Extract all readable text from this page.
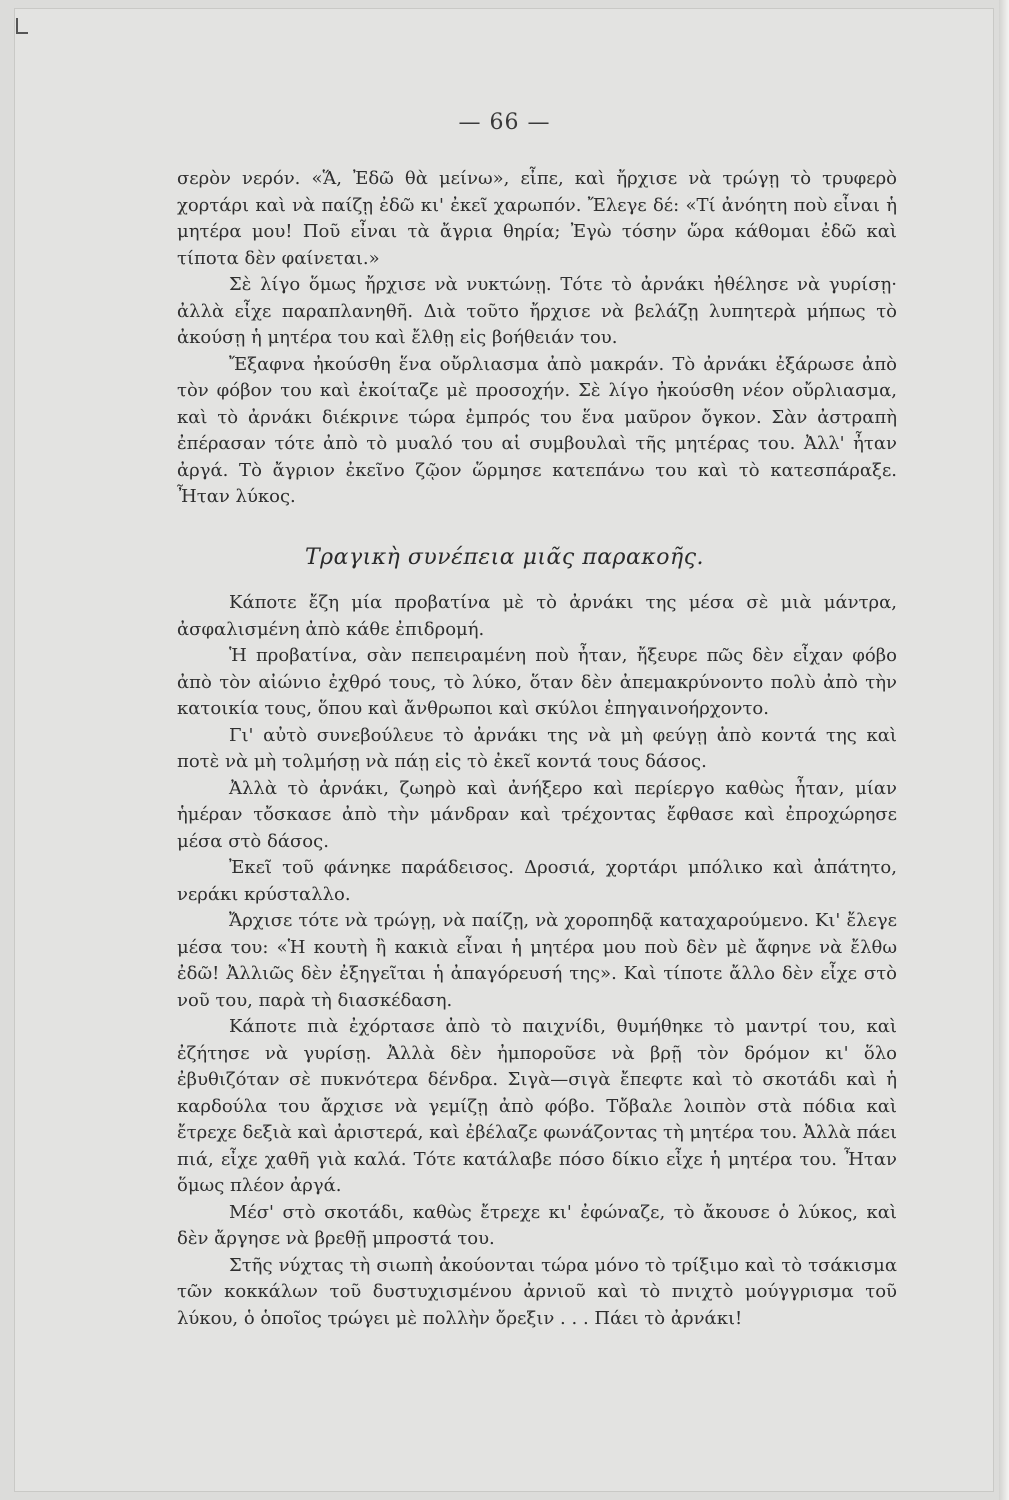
— 66 —

σερὸν νερόν. «Ἅ, Ἐδῶ θὰ μείνω», εἶπε, καὶ ἤρχισε νὰ τρώγῃ τὸ τρυφερὸ χορτάρι καὶ νὰ παίζῃ ἐδῶ κι' ἐκεῖ χαρωπόν. Ἔλεγε δέ: «Τί ἀνόητη ποὺ εἶναι ἡ μητέρα μου! Ποῦ εἶναι τὰ ἄγρια θηρία; Ἐγὼ τόσην ὥρα κάθομαι ἐδῶ καὶ τίποτα δὲν φαίνεται.»

Σὲ λίγο ὅμως ἤρχισε νὰ νυκτώνῃ. Τότε τὸ ἀρνάκι ἠθέλησε νὰ γυρίσῃ· ἀλλὰ εἶχε παραπλανηθῆ. Διὰ τοῦτο ἤρχισε νὰ βελάζῃ λυπητερὰ μήπως τὸ ἀκούσῃ ἡ μητέρα του καὶ ἔλθῃ εἰς βοήθειάν του.

Ἔξαφνα ἠκούσθη ἕνα οὔρλιασμα ἀπὸ μακράν. Τὸ ἀρνάκι ἐξάρωσε ἀπὸ τὸν φόβον του καὶ ἐκοίταζε μὲ προσοχήν. Σὲ λίγο ἠκούσθη νέον οὔρλιασμα, καὶ τὸ ἀρνάκι διέκρινε τώρα ἐμπρός του ἕνα μαῦρον ὄγκον. Σὰν ἀστραπὴ ἐπέρασαν τότε ἀπὸ τὸ μυαλό του αἱ συμβουλαὶ τῆς μητέρας του. Ἀλλ' ἦταν ἀργά. Τὸ ἄγριον ἐκεῖνο ζῷον ὥρμησε κατεπάνω του καὶ τὸ κατεσπάραξε. Ἦταν λύκος.

Τραγικὴ συνέπεια μιᾶς παρακοῆς.

Κάποτε ἔζη μία προβατίνα μὲ τὸ ἀρνάκι της μέσα σὲ μιὰ μάντρα, ἀσφαλισμένη ἀπὸ κάθε ἐπιδρομή.

Ἡ προβατίνα, σὰν πεπειραμένη ποὺ ἦταν, ἤξευρε πῶς δὲν εἶχαν φόβο ἀπὸ τὸν αἰώνιο ἐχθρό τους, τὸ λύκο, ὅταν δὲν ἀπεμακρύνοντο πολὺ ἀπὸ τὴν κατοικία τους, ὅπου καὶ ἄνθρωποι καὶ σκύλοι ἐπηγαινοήρχοντο.

Γι' αὐτὸ συνεβούλευε τὸ ἀρνάκι της νὰ μὴ φεύγῃ ἀπὸ κοντά της καὶ ποτὲ νὰ μὴ τολμήσῃ νὰ πάῃ εἰς τὸ ἐκεῖ κοντά τους δάσος.

Ἀλλὰ τὸ ἀρνάκι, ζωηρὸ καὶ ἀνήξερο καὶ περίεργο καθὼς ἦταν, μίαν ἡμέραν τὄσκασε ἀπὸ τὴν μάνδραν καὶ τρέχοντας ἔφθασε καὶ ἐπροχώρησε μέσα στὸ δάσος.

Ἐκεῖ τοῦ φάνηκε παράδεισος. Δροσιά, χορτάρι μπόλικο καὶ ἀπάτητο, νεράκι κρύσταλλο.

Ἄρχισε τότε νὰ τρώγῃ, νὰ παίζῃ, νὰ χοροπηδᾷ καταχαρούμενο. Κι' ἔλεγε μέσα του: «Ἡ κουτὴ ἢ κακιὰ εἶναι ἡ μητέρα μου ποὺ δὲν μὲ ἄφηνε νὰ ἔλθω ἐδῶ! Ἀλλιῶς δὲν ἐξηγεῖται ἡ ἀπαγόρευσή της». Καὶ τίποτε ἄλλο δὲν εἶχε στὸ νοῦ του, παρὰ τὴ διασκέδαση.

Κάποτε πιὰ ἐχόρτασε ἀπὸ τὸ παιχνίδι, θυμήθηκε τὸ μαντρί του, καὶ ἐζήτησε νὰ γυρίσῃ. Ἀλλὰ δὲν ἠμποροῦσε νὰ βρῇ τὸν δρόμον κι' ὅλο ἐβυθιζόταν σὲ πυκνότερα δένδρα. Σιγὰ—σιγὰ ἔπεφτε καὶ τὸ σκοτάδι καὶ ἡ καρδούλα του ἄρχισε νὰ γεμίζῃ ἀπὸ φόβο. Τὄβαλε λοιπὸν στὰ πόδια καὶ ἔτρεχε δεξιὰ καὶ ἀριστερά, καὶ ἐβέλαζε φωνάζοντας τὴ μητέρα του. Ἀλλὰ πάει πιά, εἶχε χαθῆ γιὰ καλά. Τότε κατάλαβε πόσο δίκιο εἶχε ἡ μητέρα του. Ἦταν ὅμως πλέον ἀργά.

Μέσ' στὸ σκοτάδι, καθὼς ἔτρεχε κι' ἐφώναζε, τὸ ἄκουσε ὁ λύκος, καὶ δὲν ἄργησε νὰ βρεθῇ μπροστά του.

Στῆς νύχτας τὴ σιωπὴ ἀκούονται τώρα μόνο τὸ τρίξιμο καὶ τὸ τσάκισμα τῶν κοκκάλων τοῦ δυστυχισμένου ἀρνιοῦ καὶ τὸ πνιχτὸ μούγγρισμα τοῦ λύκου, ὁ ὁποῖος τρώγει μὲ πολλὴν ὄρεξιν . . . Πάει τὸ ἀρνάκι!
